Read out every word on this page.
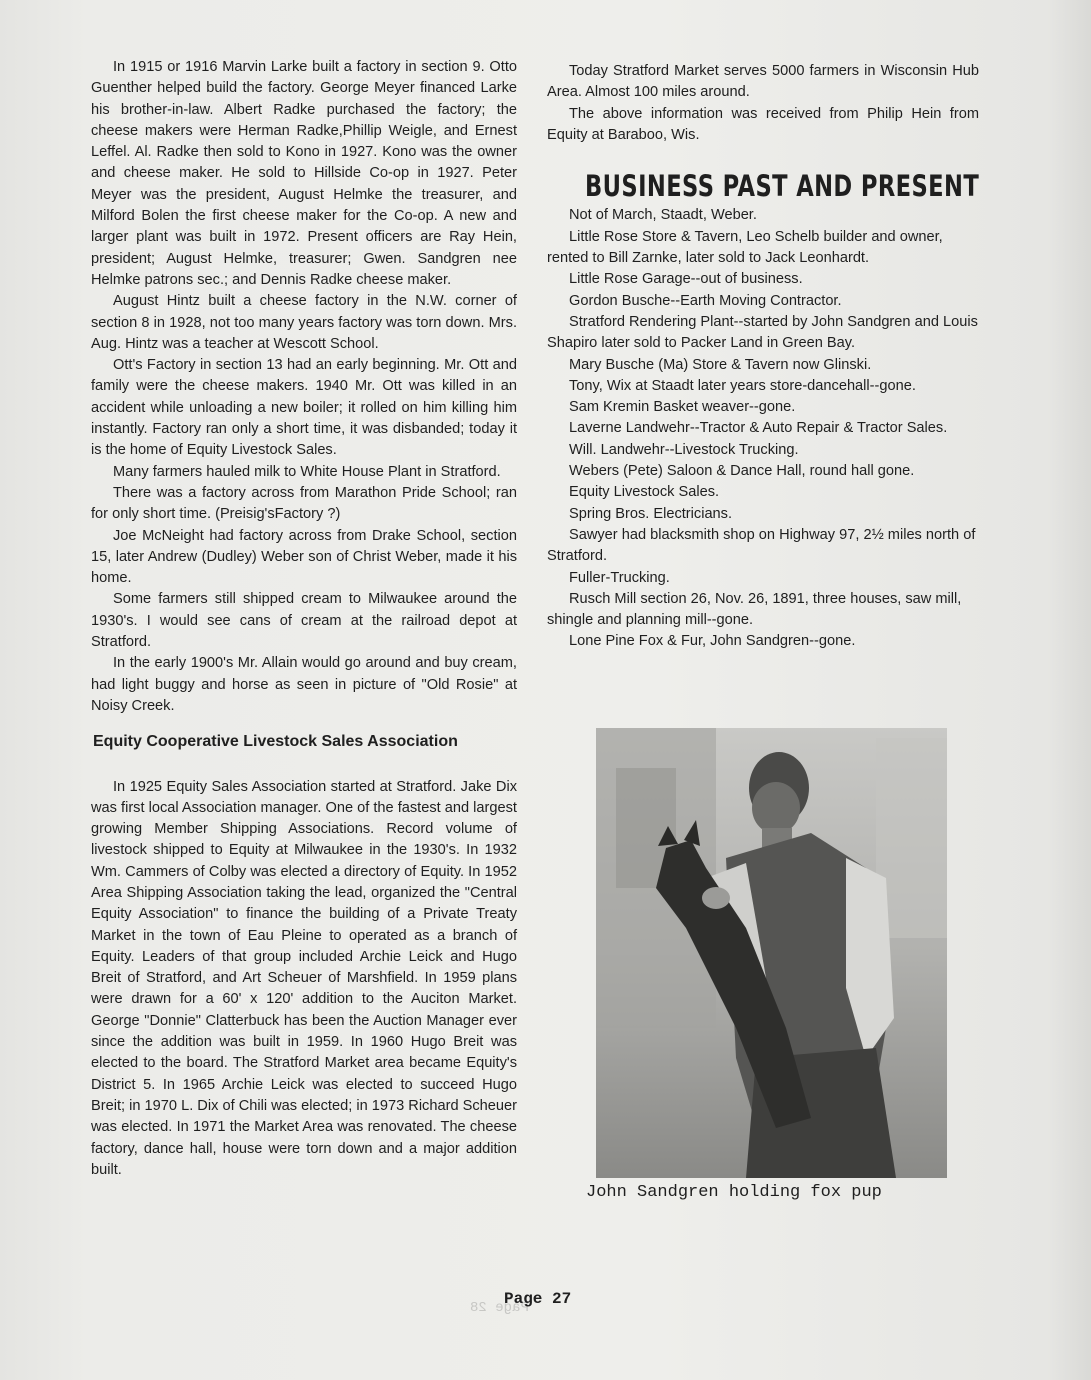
Page 28

In 1915 or 1916 Marvin Larke built a factory in section 9. Otto Guenther helped build the factory. George Meyer financed Larke his brother-in-law. Albert Radke purchased the factory; the cheese makers were Herman Radke,Phillip Weigle, and Ernest Leffel. Al. Radke then sold to Kono in 1927. Kono was the owner and cheese maker. He sold to Hillside Co-op in 1927. Peter Meyer was the president, August Helmke the treasurer, and Milford Bolen the first cheese maker for the Co-op. A new and larger plant was built in 1972. Present officers are Ray Hein, president; August Helmke, treasurer; Gwen. Sandgren nee Helmke patrons sec.; and Dennis Radke cheese maker.

August Hintz built a cheese factory in the N.W. corner of section 8 in 1928, not too many years factory was torn down. Mrs. Aug. Hintz was a teacher at Wescott School.

Ott's Factory in section 13 had an early beginning. Mr. Ott and family were the cheese makers. 1940 Mr. Ott was killed in an accident while unloading a new boiler; it rolled on him killing him instantly. Factory ran only a short time, it was disbanded; today it is the home of Equity Livestock Sales.

Many farmers hauled milk to White House Plant in Stratford.

There was a factory across from Marathon Pride School; ran for only short time. (Preisig'sFactory ?)

Joe McNeight had factory across from Drake School, section 15, later Andrew (Dudley) Weber son of Christ Weber, made it his home.

Some farmers still shipped cream to Milwaukee around the 1930's. I would see cans of cream at the railroad depot at Stratford.

In the early 1900's Mr. Allain would go around and buy cream, had light buggy and horse as seen in picture of "Old Rosie" at Noisy Creek.

Equity Cooperative Livestock Sales Association

In 1925 Equity Sales Association started at Stratford. Jake Dix was first local Association manager. One of the fastest and largest growing Member Shipping Associations. Record volume of livestock shipped to Equity at Milwaukee in the 1930's. In 1932 Wm. Cammers of Colby was elected a directory of Equity. In 1952 Area Shipping Association taking the lead, organized the "Central Equity Association" to finance the building of a Private Treaty Market in the town of Eau Pleine to operated as a branch of Equity. Leaders of that group included Archie Leick and Hugo Breit of Stratford, and Art Scheuer of Marshfield. In 1959 plans were drawn for a 60' x 120' addition to the Auciton Market. George "Donnie" Clatterbuck has been the Auction Manager ever since the addition was built in 1959. In 1960 Hugo Breit was elected to the board. The Stratford Market area became Equity's District 5. In 1965 Archie Leick was elected to succeed Hugo Breit; in 1970 L. Dix of Chili was elected; in 1973 Richard Scheuer was elected. In 1971 the Market Area was renovated. The cheese factory, dance hall, house were torn down and a major addition built.

Today Stratford Market serves 5000 farmers in Wisconsin Hub Area. Almost 100 miles around.

The above information was received from Philip Hein from Equity at Baraboo, Wis.

BUSINESS PAST AND PRESENT

Not of March, Staadt, Weber.

Little Rose Store & Tavern, Leo Schelb builder and owner, rented to Bill Zarnke, later sold to Jack Leonhardt.

Little Rose Garage--out of business.

Gordon Busche--Earth Moving Contractor.

Stratford Rendering Plant--started by John Sandgren and Louis Shapiro later sold to Packer Land in Green Bay.

Mary Busche (Ma) Store & Tavern now Glinski.

Tony, Wix at Staadt later years store-dancehall--gone.

Sam Kremin Basket weaver--gone.

Laverne Landwehr--Tractor & Auto Repair & Tractor Sales.

Will. Landwehr--Livestock Trucking.

Webers (Pete) Saloon & Dance Hall, round hall gone.

Equity Livestock Sales.

Spring Bros. Electricians.

Sawyer had blacksmith shop on Highway 97, 2½ miles north of Stratford.

Fuller-Trucking.

Rusch Mill section 26, Nov. 26, 1891, three houses, saw mill, shingle and planning mill--gone.

Lone Pine Fox & Fur, John Sandgren--gone.

John Sandgren holding fox pup
Page 27
